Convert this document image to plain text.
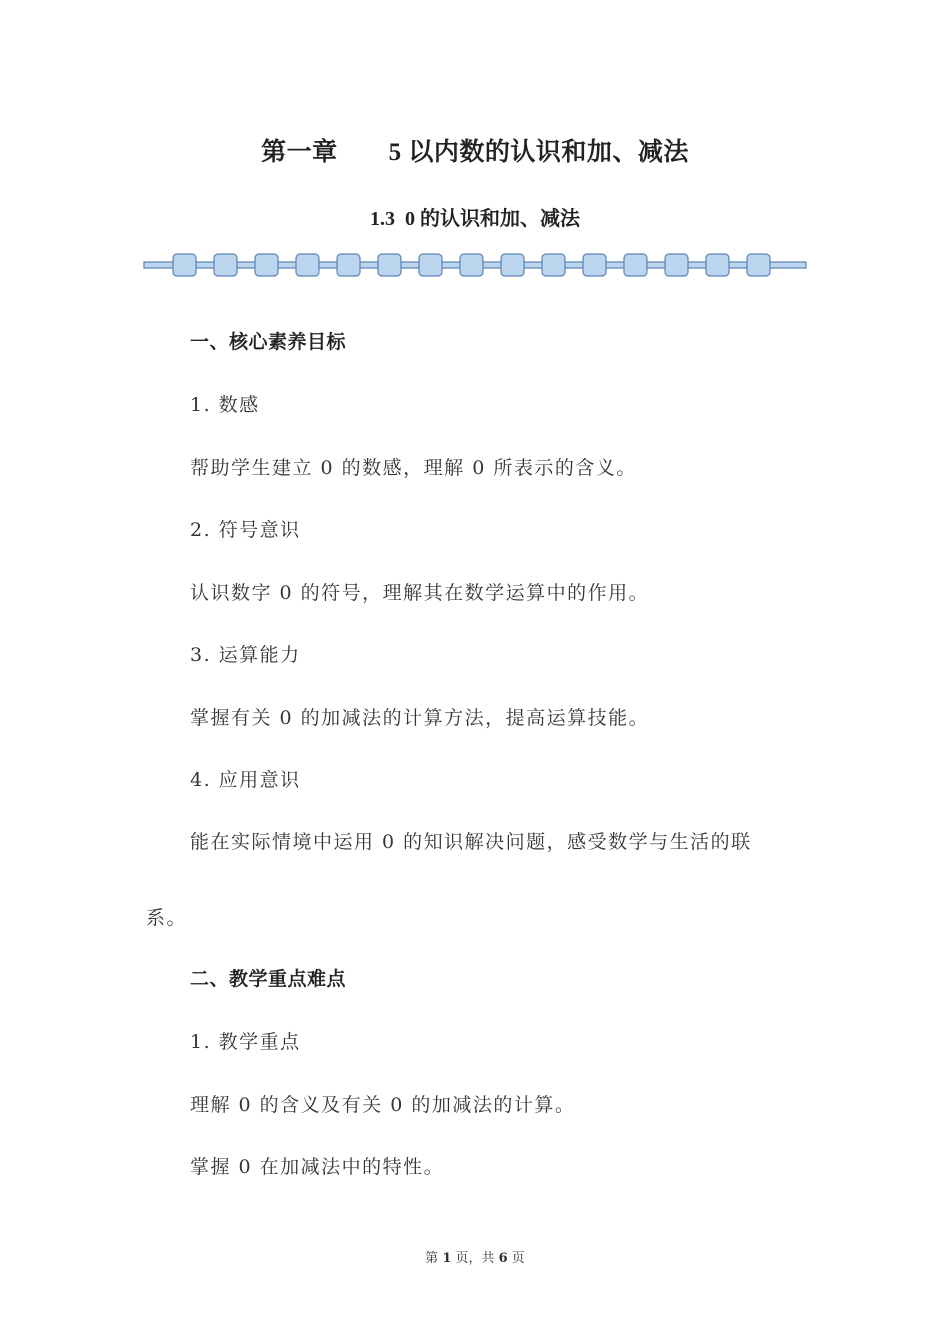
第一章　　5 以内数的认识和加、减法
1.3  0 的认识和加、减法
一、核心素养目标
1. 数感
帮助学生建立 0 的数感，理解 0 所表示的含义。
2. 符号意识
认识数字 0 的符号，理解其在数学运算中的作用。
3. 运算能力
掌握有关 0 的加减法的计算方法，提高运算技能。
4. 应用意识
能在实际情境中运用 0 的知识解决问题，感受数学与生活的联
系。
二、教学重点难点
1. 教学重点
理解 0 的含义及有关 0 的加减法的计算。
掌握 0 在加减法中的特性。
第 1 页，共 6 页
